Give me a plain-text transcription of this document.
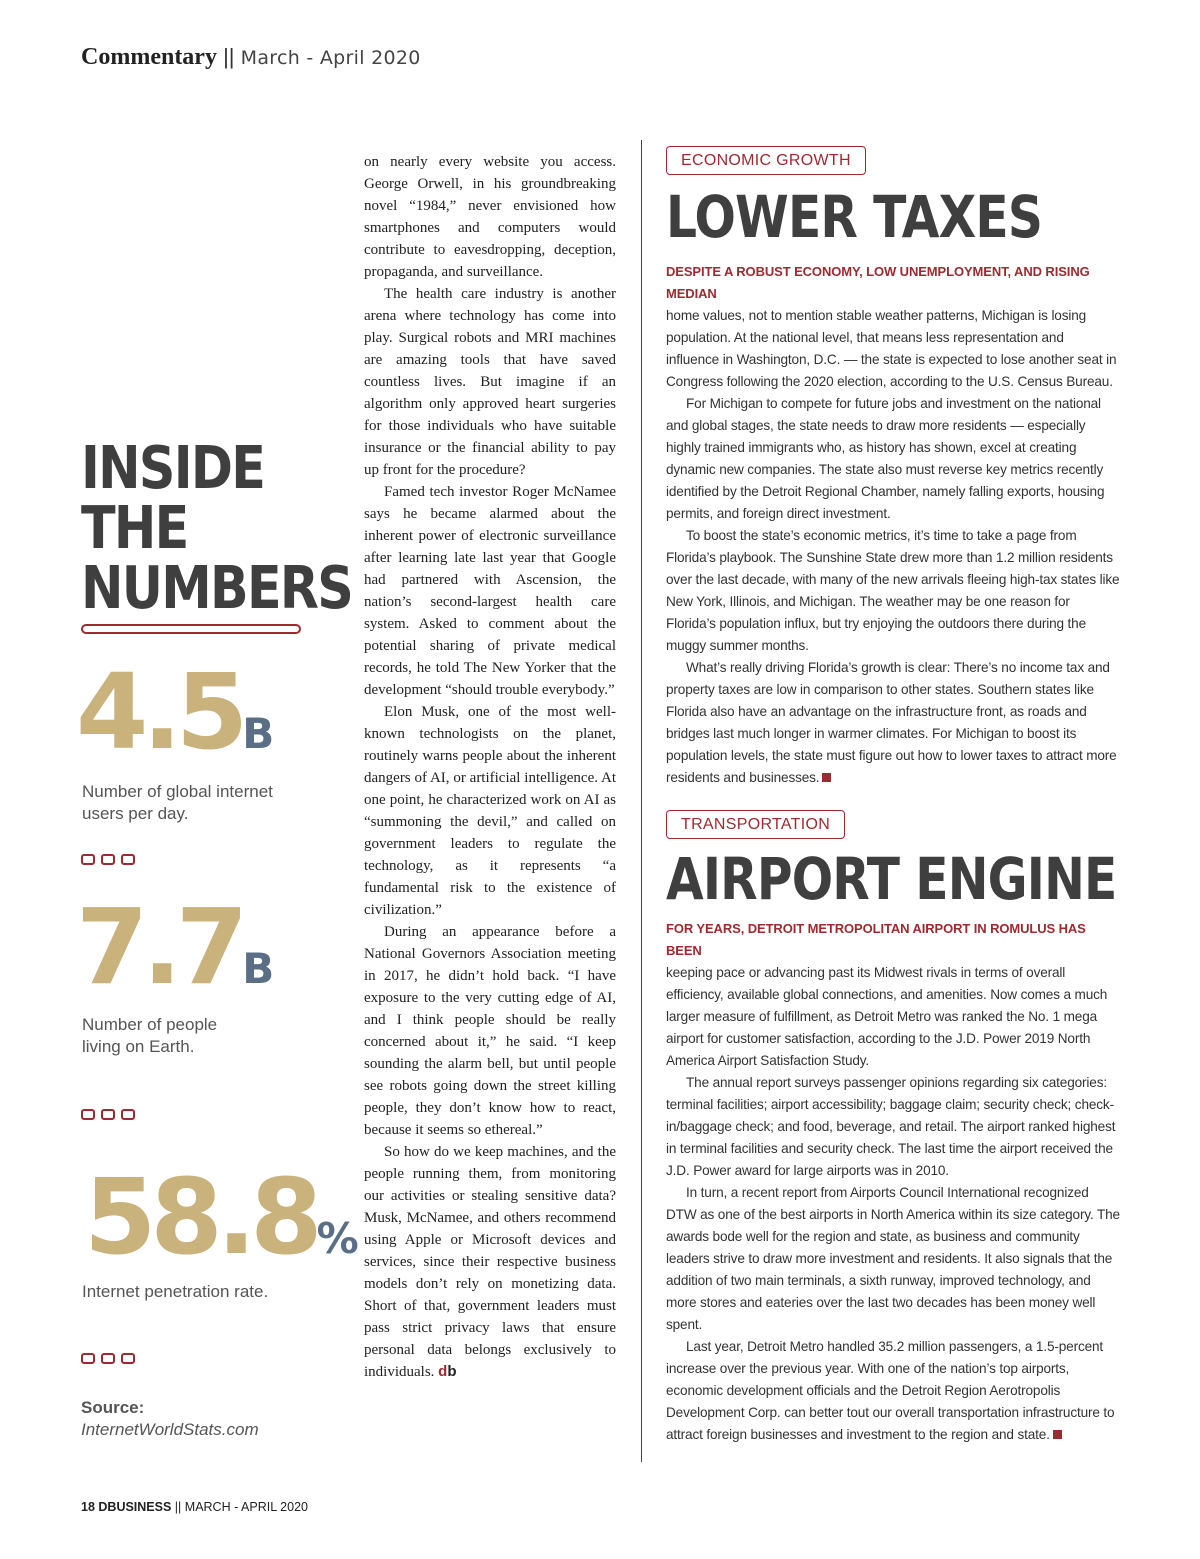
Commentary || March - April 2020
INSIDE
THE
NUMBERS
4.5B
Number of global internet users per day.
7.7B
Number of people living on Earth.
58.8%
Internet penetration rate.
Source:
InternetWorldStats.com

on nearly every website you access. George Orwell, in his groundbreaking novel “1984,” never envisioned how smartphones and computers would contribute to eavesdropping, deception, propaganda, and surveillance.

The health care industry is another arena where technology has come into play. Surgical robots and MRI machines are amazing tools that have saved countless lives. But imagine if an algorithm only approved heart surgeries for those individuals who have suitable insurance or the financial ability to pay up front for the procedure?

Famed tech investor Roger McNamee says he became alarmed about the inherent power of electronic surveillance after learning late last year that Google had partnered with Ascension, the nation’s second-largest health care system. Asked to comment about the potential sharing of private medical records, he told The New Yorker that the development “should trouble everybody.”

Elon Musk, one of the most well-known technologists on the planet, routinely warns people about the inherent dangers of AI, or artificial intelligence. At one point, he characterized work on AI as “summoning the devil,” and called on government leaders to regulate the technology, as it represents “a fundamental risk to the existence of civilization.”

During an appearance before a National Governors Association meeting in 2017, he didn’t hold back. “I have exposure to the very cutting edge of AI, and I think people should be really concerned about it,” he said. “I keep sounding the alarm bell, but until people see robots going down the street killing people, they don’t know how to react, because it seems so ethereal.”

So how do we keep machines, and the people running them, from monitoring our activities or stealing sensitive data? Musk, McNamee, and others recommend using Apple or Microsoft devices and services, since their respective business models don’t rely on monetizing data. Short of that, government leaders must pass strict privacy laws that ensure personal data belongs exclusively to individuals. db

ECONOMIC GROWTH
LOWER TAXES

DESPITE A ROBUST ECONOMY, LOW UNEMPLOYMENT, AND RISING MEDIAN

home values, not to mention stable weather patterns, Michigan is losing population. At the national level, that means less representation and influence in Washington, D.C. — the state is expected to lose another seat in Congress following the 2020 election, according to the U.S. Census Bureau.

For Michigan to compete for future jobs and investment on the national and global stages, the state needs to draw more residents — especially highly trained immigrants who, as history has shown, excel at creating dynamic new companies. The state also must reverse key metrics recently identified by the Detroit Regional Chamber, namely falling exports, housing permits, and foreign direct investment.

To boost the state’s economic metrics, it’s time to take a page from Florida’s playbook. The Sunshine State drew more than 1.2 million residents over the last decade, with many of the new arrivals fleeing high-tax states like New York, Illinois, and Michigan. The weather may be one reason for Florida’s population influx, but try enjoying the outdoors there during the muggy summer months.

What’s really driving Florida’s growth is clear: There’s no income tax and property taxes are low in comparison to other states. Southern states like Florida also have an advantage on the infrastructure front, as roads and bridges last much longer in warmer climates. For Michigan to boost its population levels, the state must figure out how to lower taxes to attract more residents and businesses.

TRANSPORTATION
AIRPORT ENGINE

FOR YEARS, DETROIT METROPOLITAN AIRPORT IN ROMULUS HAS BEEN

keeping pace or advancing past its Midwest rivals in terms of overall efficiency, available global connections, and amenities. Now comes a much larger measure of fulfillment, as Detroit Metro was ranked the No. 1 mega airport for customer satisfaction, according to the J.D. Power 2019 North America Airport Satisfaction Study.

The annual report surveys passenger opinions regarding six categories: terminal facilities; airport accessibility; baggage claim; security check; check-in/baggage check; and food, beverage, and retail. The airport ranked highest in terminal facilities and security check. The last time the airport received the J.D. Power award for large airports was in 2010.

In turn, a recent report from Airports Council International recognized DTW as one of the best airports in North America within its size category. The awards bode well for the region and state, as business and community leaders strive to draw more investment and residents. It also signals that the addition of two main terminals, a sixth runway, improved technology, and more stores and eateries over the last two decades has been money well spent.

Last year, Detroit Metro handled 35.2 million passengers, a 1.5-percent increase over the previous year. With one of the nation’s top airports, economic development officials and the Detroit Region Aerotropolis Development Corp. can better tout our overall transportation infrastructure to attract foreign businesses and investment to the region and state.

18 DBUSINESS || MARCH - APRIL 2020
